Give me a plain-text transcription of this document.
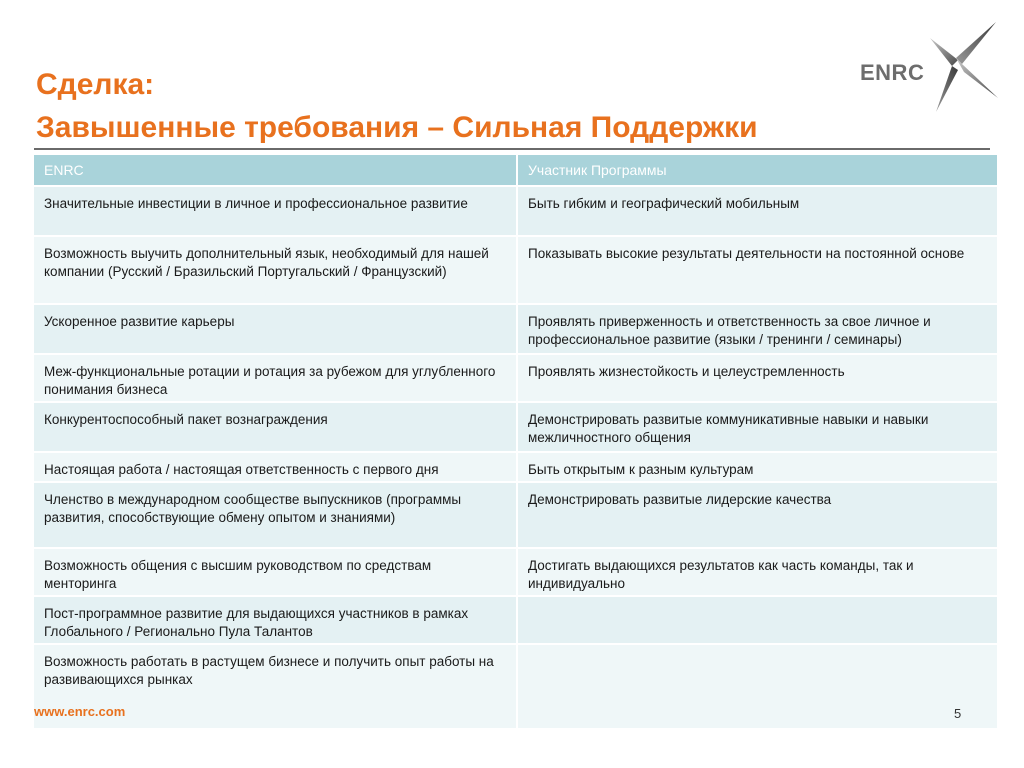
Сделка:
Завышенные требования – Сильная Поддержки
ENRC
ENRC	Участник Программы
Значительные инвестиции в личное и профессиональное развитие	Быть гибким и географический мобильным
Возможность выучить дополнительный язык, необходимый для нашей компании (Русский / Бразильский Португальский / Французский)	Показывать высокие результаты деятельности на постоянной основе
Ускоренное развитие карьеры	Проявлять приверженность и ответственность за свое личное и профессиональное развитие (языки / тренинги / семинары)
Меж-функциональные ротации и ротация за рубежом для углубленного понимания бизнеса	Проявлять жизнестойкость и целеустремленность
Конкурентоспособный пакет вознаграждения	Демонстрировать развитые коммуникативные навыки и навыки межличностного общения
Настоящая работа / настоящая ответственность с первого дня	Быть открытым к разным культурам
Членство в международном сообществе выпускников (программы развития, способствующие обмену опытом и знаниями)	Демонстрировать развитые лидерские качества
Возможность общения с высшим руководством по средствам менторинга	Достигать выдающихся результатов как часть команды, так и индивидуально
Пост-программное развитие для выдающихся участников в рамках Глобального / Регионально Пула Талантов	
Возможность работать в растущем бизнесе и получить опыт работы на развивающихся рынках	
www.enrc.com	5
